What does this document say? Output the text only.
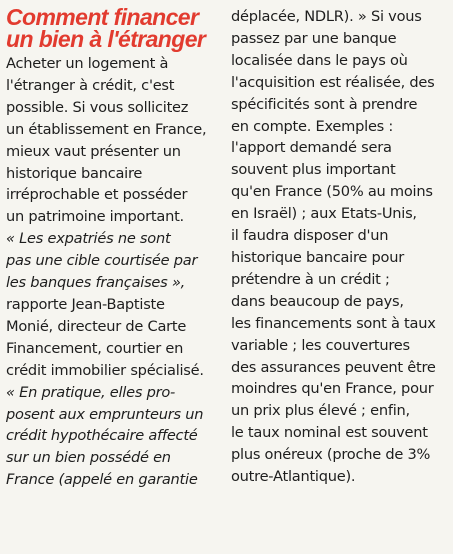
Comment financer
un bien à l'étranger
Acheter un logement à
l'étranger à crédit, c'est
possible. Si vous sollicitez
un établissement en France,
mieux vaut présenter un
historique bancaire
irréprochable et posséder
un patrimoine important.
« Les expatriés ne sont
pas une cible courtisée par
les banques françaises »,
rapporte Jean-Baptiste
Monié, directeur de Carte
Financement, courtier en
crédit immobilier spécialisé.
« En pratique, elles pro-
posent aux emprunteurs un
crédit hypothécaire affecté
sur un bien possédé en
France (appelé en garantie
déplacée, NDLR). » Si vous
passez par une banque
localisée dans le pays où
l'acquisition est réalisée, des
spécificités sont à prendre
en compte. Exemples :
l'apport demandé sera
souvent plus important
qu'en France (50% au moins
en Israël) ; aux Etats-Unis,
il faudra disposer d'un
historique bancaire pour
prétendre à un crédit ;
dans beaucoup de pays,
les financements sont à taux
variable ; les couvertures
des assurances peuvent être
moindres qu'en France, pour
un prix plus élevé ; enfin,
le taux nominal est souvent
plus onéreux (proche de 3%
outre-Atlantique).
